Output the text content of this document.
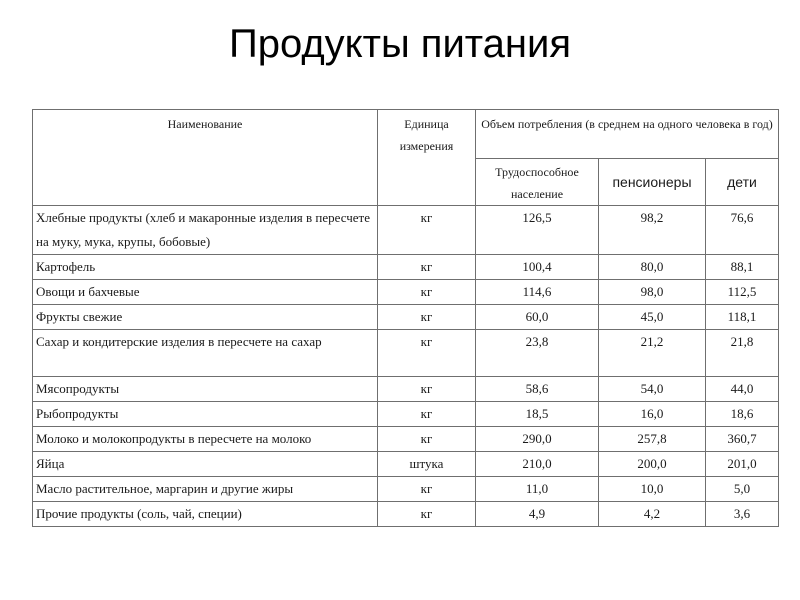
Продукты питания
Наименование	Единица измерения	Объем потребления (в среднем на одного человека в год)		
		Трудоспособное население	пенсионеры	дети
Хлебные продукты (хлеб и макаронные изделия в пересчете на муку, мука, крупы, бобовые)	кг	126,5	98,2	76,6
Картофель	кг	100,4	80,0	88,1
Овощи и бахчевые	кг	114,6	98,0	112,5
Фрукты свежие	кг	60,0	45,0	118,1
Сахар и кондитерские изделия в пересчете на сахар	кг	23,8	21,2	21,8
Мясопродукты	кг	58,6	54,0	44,0
Рыбопродукты	кг	18,5	16,0	18,6
Молоко и молокопродукты в пересчете на молоко	кг	290,0	257,8	360,7
Яйца	штука	210,0	200,0	201,0
Масло растительное, маргарин и другие жиры	кг	11,0	10,0	5,0
Прочие продукты (соль, чай, специи)	кг	4,9	4,2	3,6
